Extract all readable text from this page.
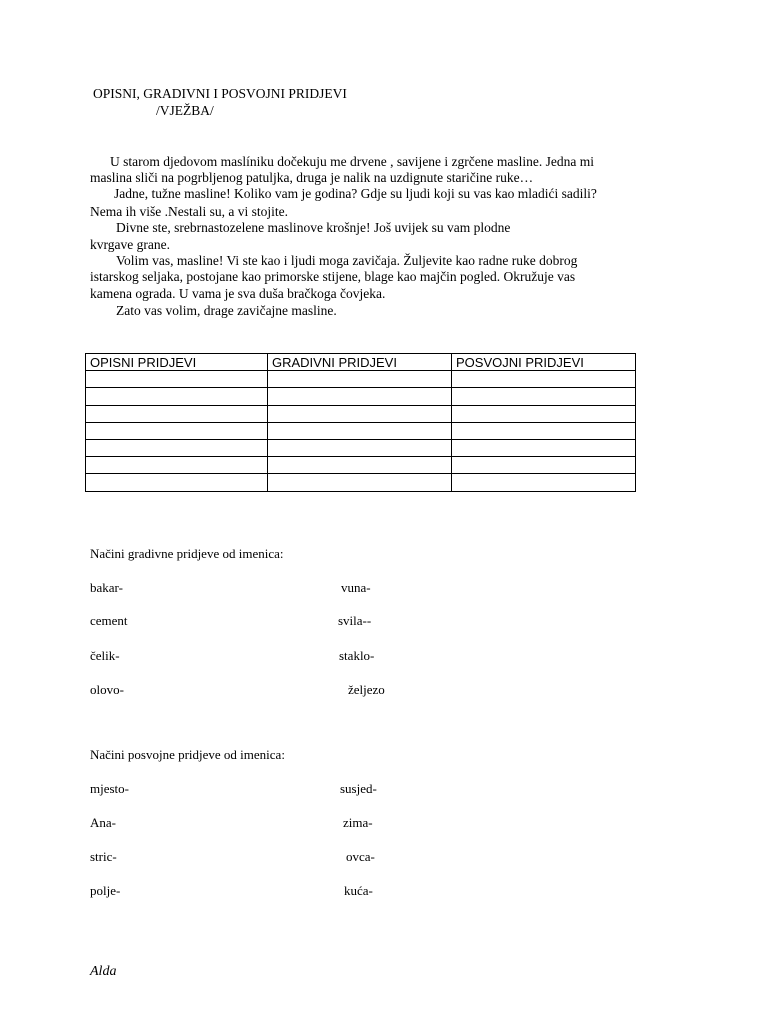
OPISNI, GRADIVNI I POSVOJNI PRIDJEVI
/VJEŽBA/
U starom djedovom maslíniku dočekuju me drvene , savijene i zgrčene masline. Jedna mi
maslina sliči na pogrbljenog patuljka, druga je nalik na uzdignute staričine ruke…
Jadne, tužne masline! Koliko vam je godina? Gdje su ljudi koji su vas kao mladići sadili?
Nema ih više .Nestali su, a vi stojite.
Divne ste, srebrnastozelene maslinove krošnje! Još uvijek su vam plodne
kvrgave grane.
Volim vas, masline! Vi ste kao i ljudi moga zavičaja. Žuljevite kao radne ruke dobrog
istarskog seljaka, postojane kao primorske stijene, blage kao majčin pogled. Okružuje vas
kamena ograda. U vama je sva duša bračkoga čovjeka.
Zato vas volim, drage zavičajne masline.
OPISNI PRIDJEVI	GRADIVNI PRIDJEVI	POSVOJNI PRIDJEVI

Načini gradivne pridjeve od imenica:
bakar-	vuna-
cement	svila--
čelik-	staklo-
olovo-	željezo
Načini posvojne pridjeve od imenica:
mjesto-	susjed-
Ana-	zima-
stric-	ovca-
polje-	kuća-
Alda
